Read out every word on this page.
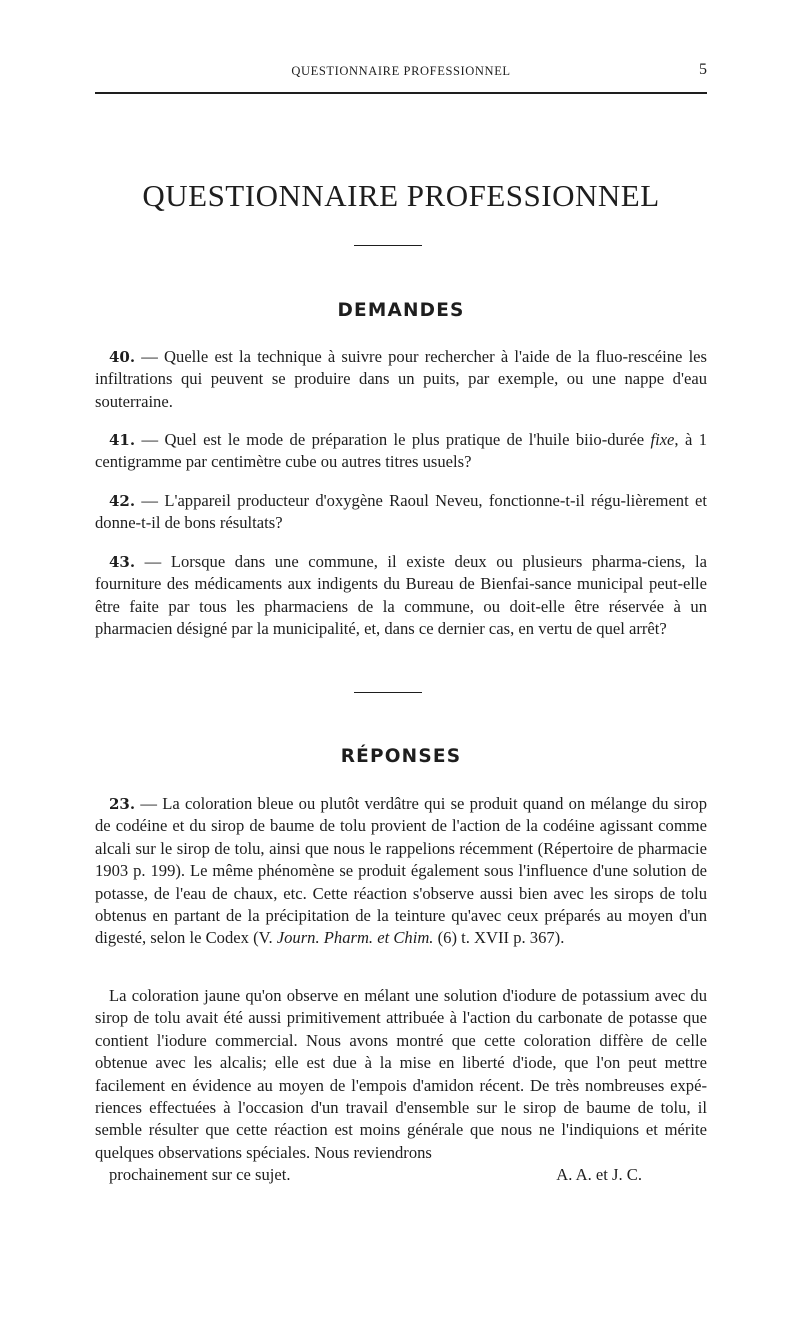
QUESTIONNAIRE PROFESSIONNEL	5
QUESTIONNAIRE PROFESSIONNEL
DEMANDES

40. — Quelle est la technique à suivre pour rechercher à l'aide de la fluo-rescéine les infiltrations qui peuvent se produire dans un puits, par exemple, ou une nappe d'eau souterraine.

41. — Quel est le mode de préparation le plus pratique de l'huile biio-durée fixe, à 1 centigramme par centimètre cube ou autres titres usuels?

42. — L'appareil producteur d'oxygène Raoul Neveu, fonctionne-t-il régu-lièrement et donne-t-il de bons résultats?

43. — Lorsque dans une commune, il existe deux ou plusieurs pharma-ciens, la fourniture des médicaments aux indigents du Bureau de Bienfai-sance municipal peut-elle être faite par tous les pharmaciens de la commune, ou doit-elle être réservée à un pharmacien désigné par la municipalité, et, dans ce dernier cas, en vertu de quel arrêt?

RÉPONSES

23. — La coloration bleue ou plutôt verdâtre qui se produit quand on mélange du sirop de codéine et du sirop de baume de tolu provient de l'action de la codéine agissant comme alcali sur le sirop de tolu, ainsi que nous le rappelions récemment (Répertoire de pharmacie 1903 p. 199). Le même phénomène se produit également sous l'influence d'une solution de potasse, de l'eau de chaux, etc. Cette réaction s'observe aussi bien avec les sirops de tolu obtenus en partant de la précipitation de la teinture qu'avec ceux préparés au moyen d'un digesté, selon le Codex (V. Journ. Pharm. et Chim. (6) t. XVII p. 367).

La coloration jaune qu'on observe en mélant une solution d'iodure de potassium avec du sirop de tolu avait été aussi primitivement attribuée à l'action du carbonate de potasse que contient l'iodure commercial. Nous avons montré que cette coloration diffère de celle obtenue avec les alcalis; elle est due à la mise en liberté d'iode, que l'on peut mettre facilement en évidence au moyen de l'empois d'amidon récent. De très nombreuses expé-riences effectuées à l'occasion d'un travail d'ensemble sur le sirop de baume de tolu, il semble résulter que cette réaction est moins générale que nous ne l'indiquions et mérite quelques observations spéciales. Nous reviendrons
prochainement sur ce sujet.	A. A. et J. C.
